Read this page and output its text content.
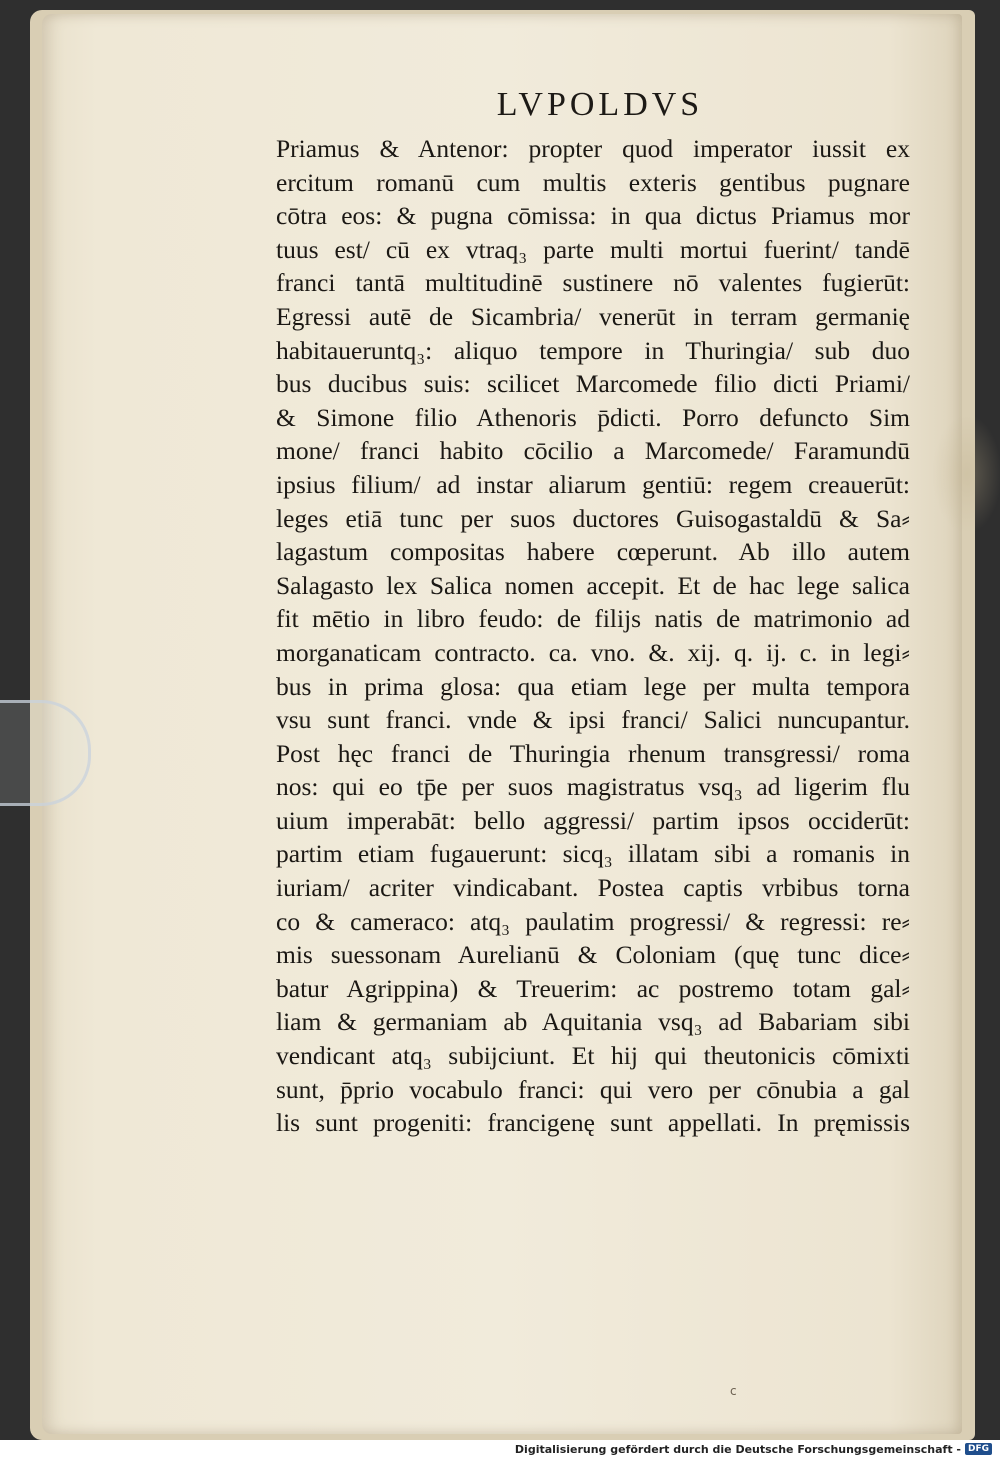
LVPOLDVS
Priamus & Antenor: propter quod imperator iussit ex
ercitum romanū cum multis exteris gentibus pugnare
cōtra eos: & pugna cōmissa: in qua dictus Priamus mor
tuus est/ cū ex vtraq₃ parte multi mortui fuerint/ tandē
franci tantā multitudinē sustinere nō valentes fugierūt:
Egressi autē de Sicambria/ venerūt in terram germanię
habitaueruntq₃: aliquo tempore in Thuringia/ sub duo
bus ducibus suis: scilicet Marcomede filio dicti Priami/
& Simone filio Athenoris p̄dicti. Porro defuncto Sim
mone/ franci habito cōcilio a Marcomede/ Faramundū
ipsius filium/ ad instar aliarum gentiū: regem creauerūt:
leges etiā tunc per suos ductores Guisogastaldū & Sa⸗
lagastum compositas habere cœperunt. Ab illo autem
Salagasto lex Salica nomen accepit. Et de hac lege salica
fit mētio in libro feudo: de filijs natis de matrimonio ad
morganaticam contracto. ca. vno. &. xij. q. ij. c. in legi⸗
bus in prima glosa: qua etiam lege per multa tempora
vsu sunt franci. vnde & ipsi franci/ Salici nuncupantur.
Post hęc franci de Thuringia rhenum transgressi/ roma
nos: qui eo tp̄e per suos magistratus vsq₃ ad ligerim flu
uium imperabāt: bello aggressi/ partim ipsos occiderūt:
partim etiam fugauerunt: sicq₃ illatam sibi a romanis in
iuriam/ acriter vindicabant. Postea captis vrbibus torna
co & cameraco: atq₃ paulatim progressi/ & regressi: re⸗
mis suessonam Aurelianū & Coloniam (quę tunc dice⸗
batur Agrippina) & Treuerim: ac postremo totam gal⸗
liam & germaniam ab Aquitania vsq₃ ad Babariam sibi
vendicant atq₃ subijciunt. Et hij qui theutonicis cōmixti
sunt, p̄prio vocabulo franci: qui vero per cōnubia a gal
lis sunt progeniti: francigenę sunt appellati. In pręmissis
c
Digitalisierung gefördert durch die Deutsche Forschungsgemeinschaft - DFG
